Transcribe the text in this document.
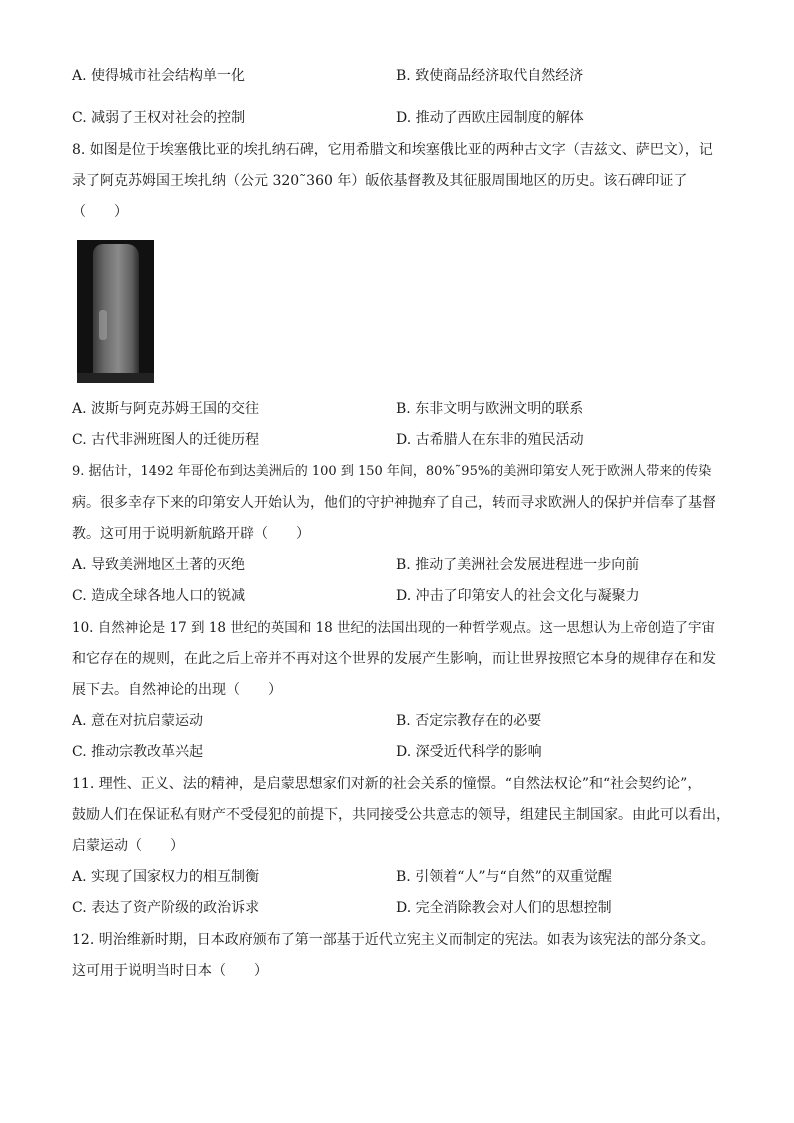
A. 使得城市社会结构单一化	B. 致使商品经济取代自然经济
C. 减弱了王权对社会的控制	D. 推动了西欧庄园制度的解体
8. 如图是位于埃塞俄比亚的埃扎纳石碑，它用希腊文和埃塞俄比亚的两种古文字（吉兹文、萨巴文），记
录了阿克苏姆国王埃扎纳（公元 320˜360 年）皈依基督教及其征服周围地区的历史。该石碑印证了
（　　）
A. 波斯与阿克苏姆王国的交往	B. 东非文明与欧洲文明的联系
C. 古代非洲班图人的迁徙历程	D. 古希腊人在东非的殖民活动
9. 据估计，1492 年哥伦布到达美洲后的 100 到 150 年间，80%˜95%的美洲印第安人死于欧洲人带来的传染
病。很多幸存下来的印第安人开始认为，他们的守护神抛弃了自己，转而寻求欧洲人的保护并信奉了基督
教。这可用于说明新航路开辟（　　）
A. 导致美洲地区土著的灭绝	B. 推动了美洲社会发展进程进一步向前
C. 造成全球各地人口的锐减	D. 冲击了印第安人的社会文化与凝聚力
10. 自然神论是 17 到 18 世纪的英国和 18 世纪的法国出现的一种哲学观点。这一思想认为上帝创造了宇宙
和它存在的规则，在此之后上帝并不再对这个世界的发展产生影响，而让世界按照它本身的规律存在和发
展下去。自然神论的出现（　　）
A. 意在对抗启蒙运动	B. 否定宗教存在的必要
C. 推动宗教改革兴起	D. 深受近代科学的影响
11. 理性、正义、法的精神，是启蒙思想家们对新的社会关系的憧憬。“自然法权论”和“社会契约论”，
鼓励人们在保证私有财产不受侵犯的前提下，共同接受公共意志的领导，组建民主制国家。由此可以看出，
启蒙运动（　　）
A. 实现了国家权力的相互制衡	B. 引领着“人”与“自然”的双重觉醒
C. 表达了资产阶级的政治诉求	D. 完全消除教会对人们的思想控制
12. 明治维新时期，日本政府颁布了第一部基于近代立宪主义而制定的宪法。如表为该宪法的部分条文。
这可用于说明当时日本（　　）
